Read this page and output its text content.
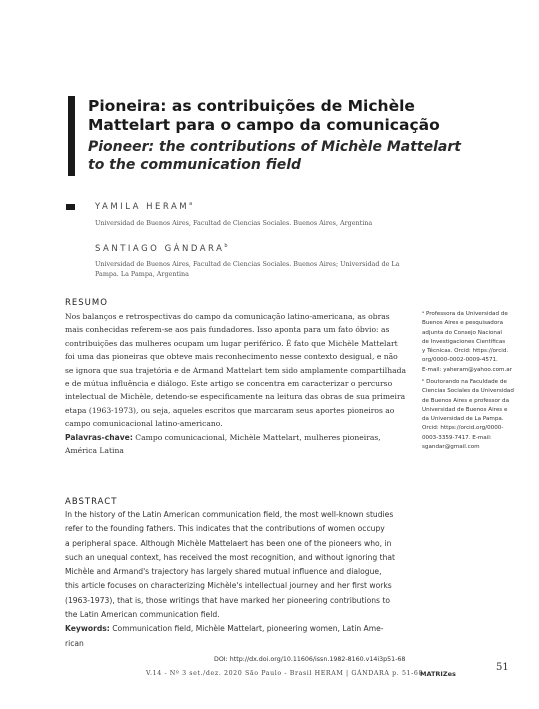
Pioneira: as contribuições de Michèle
Mattelart para o campo da comunicação
Pioneer: the contributions of Michèle Mattelart
to the communication field
YAMILA HERAM$^a$
Universidad de Buenos Aires, Facultad de Ciencias Sociales. Buenos Aires, Argentina
SANTIAGO GÁNDARA$^b$
Universidad de Buenos Aires, Facultad de Ciencias Sociales. Buenos Aires; Universidad de La
Pampa. La Pampa, Argentina
RESUMO
Nos balanços e retrospectivas do campo da comunicação latino-americana, as obras
mais conhecidas referem-se aos pais fundadores. Isso aponta para um fato óbvio: as
contribuições das mulheres ocupam um lugar periférico. É fato que Michèle Mattelart
foi uma das pioneiras que obteve mais reconhecimento nesse contexto desigual, e não
se ignora que sua trajetória e de Armand Mattelart tem sido amplamente compartilhada
e de mútua influência e diálogo. Este artigo se concentra em caracterizar o percurso
intelectual de Michèle, detendo-se especificamente na leitura das obras de sua primeira
etapa (1963-1973), ou seja, aqueles escritos que marcaram seus aportes pioneiros ao
campo comunicacional latino-americano.
Palavras-chave: Campo comunicacional, Michèle Mattelart, mulheres pioneiras,
América Latina
ᵃ Professora da Universidad de
Buenos Aires e pesquisadora
adjunta do Consejo Nacional
de Investigaciones Científicas
y Técnicas. Orcid: https://orcid.
org/0000-0002-0009-4571.
E-mail: yaheram@yahoo.com.ar
ᵇ Doutorando na Faculdade de
Ciencias Sociales da Universidad
de Buenos Aires e professor da
Universidad de Buenos Aires e
da Universidad de La Pampa.
Orcid: https://orcid.org/0000-
0003-3359-7417. E-mail:
sgandar@gmail.com
ABSTRACT
In the history of the Latin American communication field, the most well-known studies
refer to the founding fathers. This indicates that the contributions of women occupy
a peripheral space. Although Michèle Mattelaert has been one of the pioneers who, in
such an unequal context, has received the most recognition, and without ignoring that
Michèle and Armand's trajectory has largely shared mutual influence and dialogue,
this article focuses on characterizing Michèle's intellectual journey and her first works
(1963-1973), that is, those writings that have marked her pioneering contributions to
the Latin American communication field.
Keywords: Communication field, Michèle Mattelart, pioneering women, Latin Ame-
rican
DOI: http://dx.doi.org/10.11606/issn.1982-8160.v14i3p51-68
V.14 - Nº 3 set./dez. 2020 São Paulo - Brasil HERAM | GÁNDARA p. 51-68
MATRIZes
51
